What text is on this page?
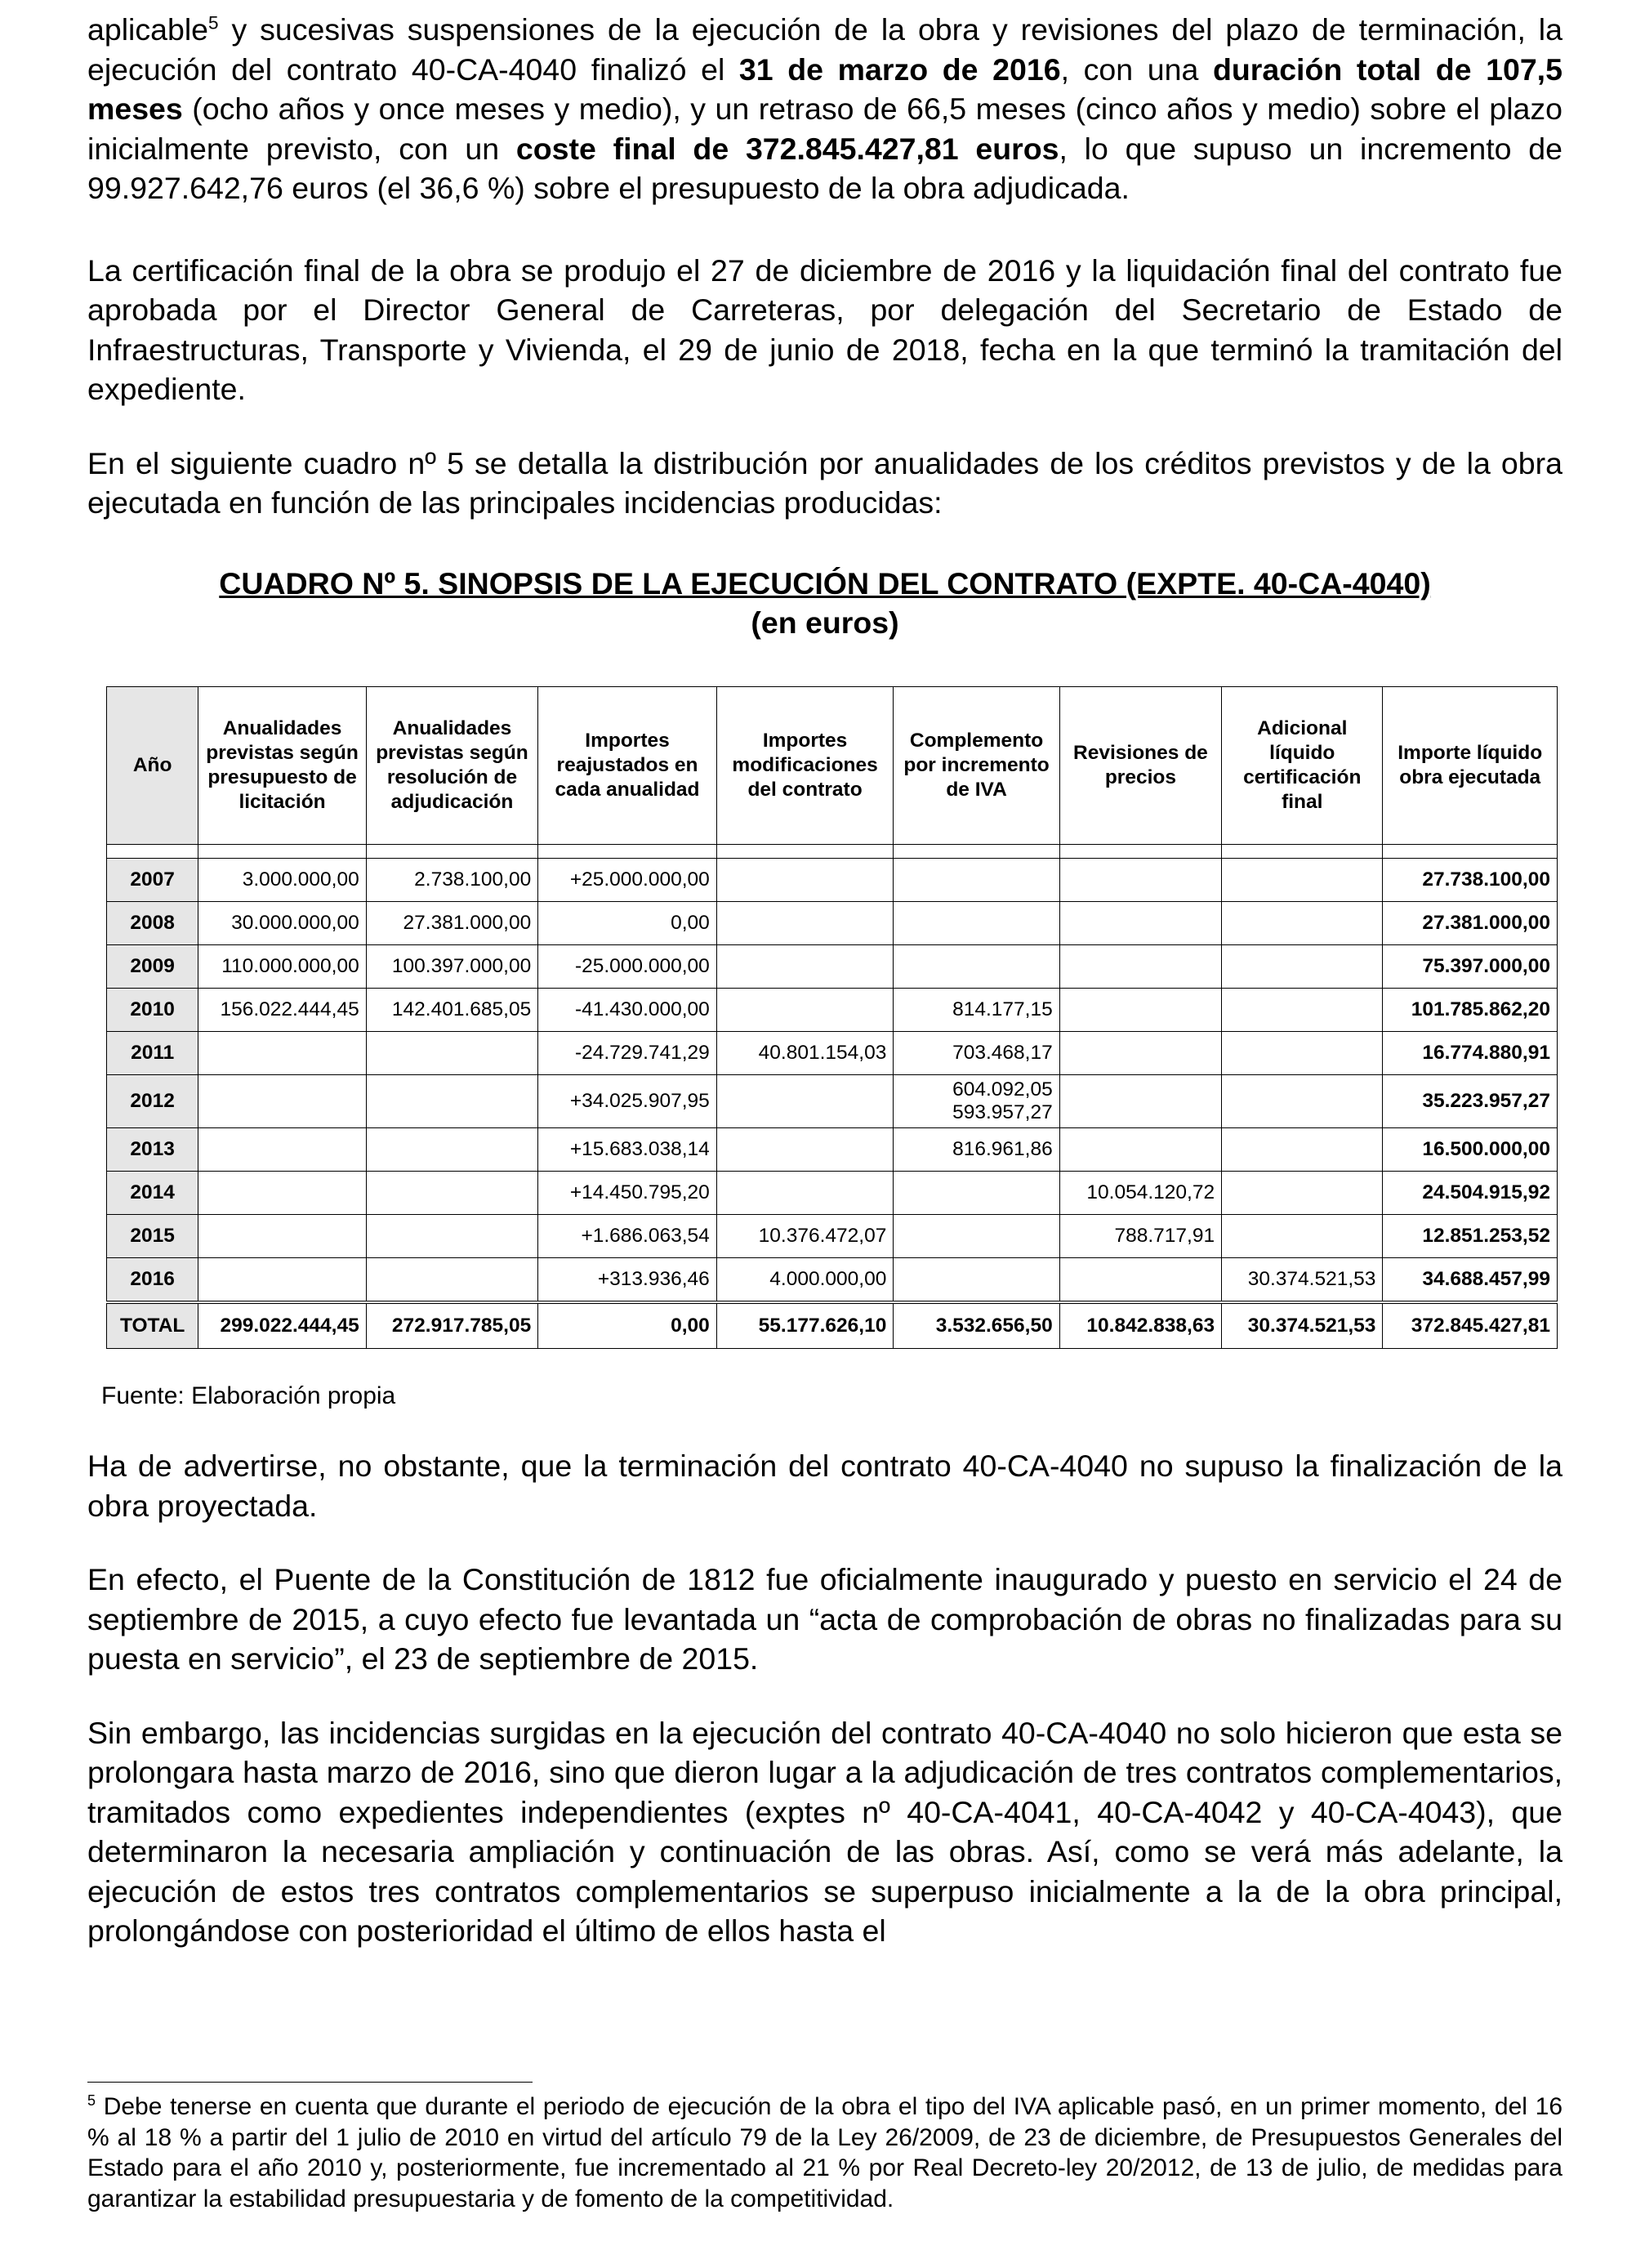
aplicable$^5$ y sucesivas suspensiones de la ejecución de la obra y revisiones del plazo de terminación, la ejecución del contrato 40-CA-4040 finalizó el 31 de marzo de 2016, con una duración total de 107,5 meses (ocho años y once meses y medio), y un retraso de 66,5 meses (cinco años y medio) sobre el plazo inicialmente previsto, con un coste final de 372.845.427,81 euros, lo que supuso un incremento de 99.927.642,76 euros (el 36,6 %) sobre el presupuesto de la obra adjudicada.

La certificación final de la obra se produjo el 27 de diciembre de 2016 y la liquidación final del contrato fue aprobada por el Director General de Carreteras, por delegación del Secretario de Estado de Infraestructuras, Transporte y Vivienda, el 29 de junio de 2018, fecha en la que terminó la tramitación del expediente.

En el siguiente cuadro nº 5 se detalla la distribución por anualidades de los créditos previstos y de la obra ejecutada en función de las principales incidencias producidas:

CUADRO Nº 5. SINOPSIS DE LA EJECUCIÓN DEL CONTRATO (EXPTE. 40-CA-4040)
(en euros)
Año	Anualidades previstas según presupuesto de licitación	Anualidades previstas según resolución de adjudicación	Importes reajustados en cada anualidad	Importes modificaciones del contrato	Complemento por incremento de IVA	Revisiones de precios	Adicional líquido certificación final	Importe líquido obra ejecutada

2007	3.000.000,00	2.738.100,00	+25.000.000,00					27.738.100,00
2008	30.000.000,00	27.381.000,00	0,00					27.381.000,00
2009	110.000.000,00	100.397.000,00	-25.000.000,00					75.397.000,00
2010	156.022.444,45	142.401.685,05	-41.430.000,00		814.177,15			101.785.862,20
2011			-24.729.741,29	40.801.154,03	703.468,17			16.774.880,91
2012			+34.025.907,95		604.092,05
593.957,27			35.223.957,27
2013			+15.683.038,14		816.961,86			16.500.000,00
2014			+14.450.795,20			10.054.120,72		24.504.915,92
2015			+1.686.063,54	10.376.472,07		788.717,91		12.851.253,52
2016			+313.936,46	4.000.000,00			30.374.521,53	34.688.457,99
TOTAL	299.022.444,45	272.917.785,05	0,00	55.177.626,10	3.532.656,50	10.842.838,63	30.374.521,53	372.845.427,81
Fuente: Elaboración propia

Ha de advertirse, no obstante, que la terminación del contrato 40-CA-4040 no supuso la finalización de la obra proyectada.

En efecto, el Puente de la Constitución de 1812 fue oficialmente inaugurado y puesto en servicio el 24 de septiembre de 2015, a cuyo efecto fue levantada un “acta de comprobación de obras no finalizadas para su puesta en servicio”, el 23 de septiembre de 2015.

Sin embargo, las incidencias surgidas en la ejecución del contrato 40-CA-4040 no solo hicieron que esta se prolongara hasta marzo de 2016, sino que dieron lugar a la adjudicación de tres contratos complementarios, tramitados como expedientes independientes (exptes nº 40-CA-4041, 40-CA-4042 y 40-CA-4043), que determinaron la necesaria ampliación y continuación de las obras. Así, como se verá más adelante, la ejecución de estos tres contratos complementarios se superpuso inicialmente a la de la obra principal, prolongándose con posterioridad el último de ellos hasta el

$^5$ Debe tenerse en cuenta que durante el periodo de ejecución de la obra el tipo del IVA aplicable pasó, en un primer momento, del 16 % al 18 % a partir del 1 julio de 2010 en virtud del artículo 79 de la Ley 26/2009, de 23 de diciembre, de Presupuestos Generales del Estado para el año 2010 y, posteriormente, fue incrementado al 21 % por Real Decreto-ley 20/2012, de 13 de julio, de medidas para garantizar la estabilidad presupuestaria y de fomento de la competitividad.
